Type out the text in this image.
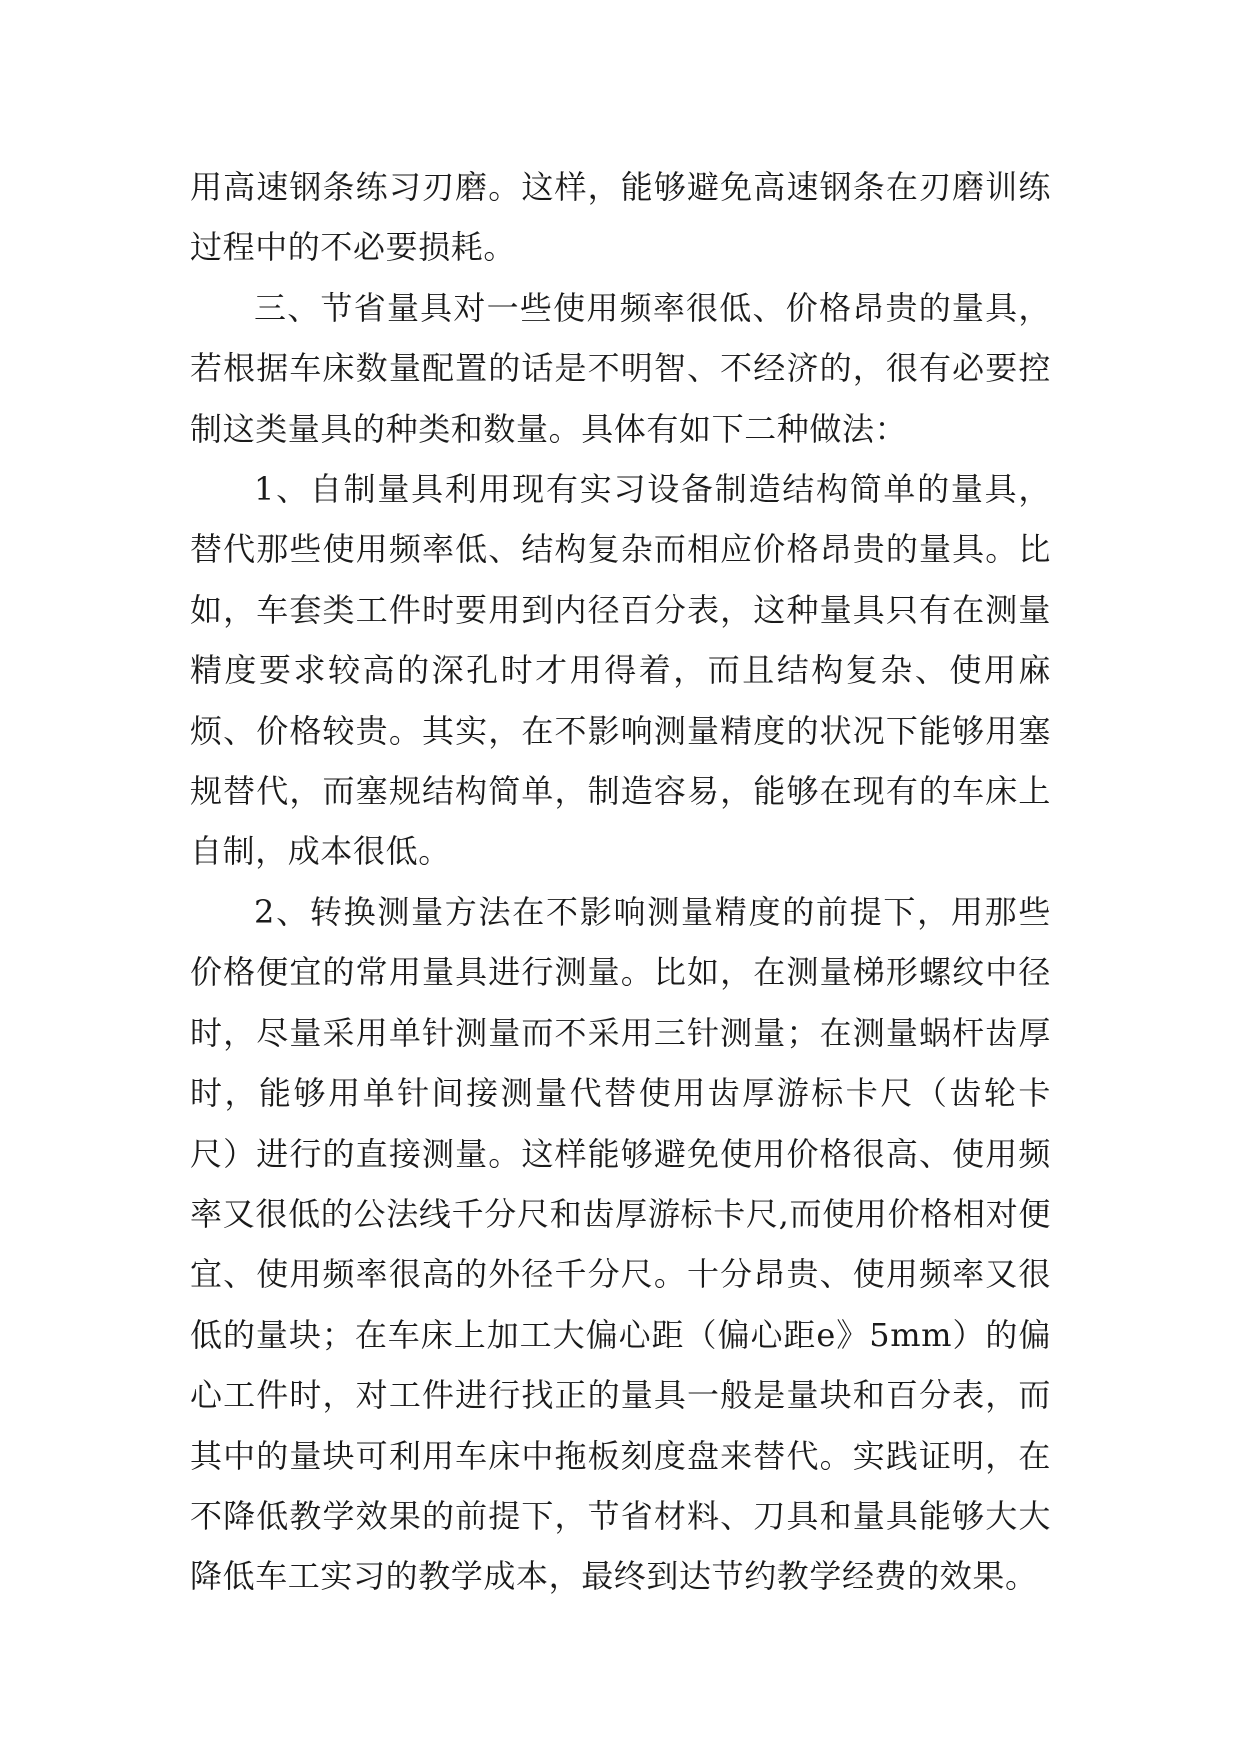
用高速钢条练习刃磨。这样，能够避免高速钢条在刃磨训练过程中的不必要损耗。

三、节省量具对一些使用频率很低、价格昂贵的量具，若根据车床数量配置的话是不明智、不经济的，很有必要控制这类量具的种类和数量。具体有如下二种做法：

1、自制量具利用现有实习设备制造结构简单的量具，替代那些使用频率低、结构复杂而相应价格昂贵的量具。比如，车套类工件时要用到内径百分表，这种量具只有在测量精度要求较高的深孔时才用得着，而且结构复杂、使用麻烦、价格较贵。其实，在不影响测量精度的状况下能够用塞规替代，而塞规结构简单，制造容易，能够在现有的车床上自制，成本很低。

2、转换测量方法在不影响测量精度的前提下，用那些价格便宜的常用量具进行测量。比如，在测量梯形螺纹中径时，尽量采用单针测量而不采用三针测量；在测量蜗杆齿厚时，能够用单针间接测量代替使用齿厚游标卡尺（齿轮卡尺）进行的直接测量。这样能够避免使用价格很高、使用频率又很低的公法线千分尺和齿厚游标卡尺,而使用价格相对便宜、使用频率很高的外径千分尺。十分昂贵、使用频率又很低的量块；在车床上加工大偏心距（偏心距e》5mm）的偏心工件时，对工件进行找正的量具一般是量块和百分表，而其中的量块可利用车床中拖板刻度盘来替代。实践证明，在不降低教学效果的前提下，节省材料、刀具和量具能够大大降低车工实习的教学成本，最终到达节约教学经费的效果。
